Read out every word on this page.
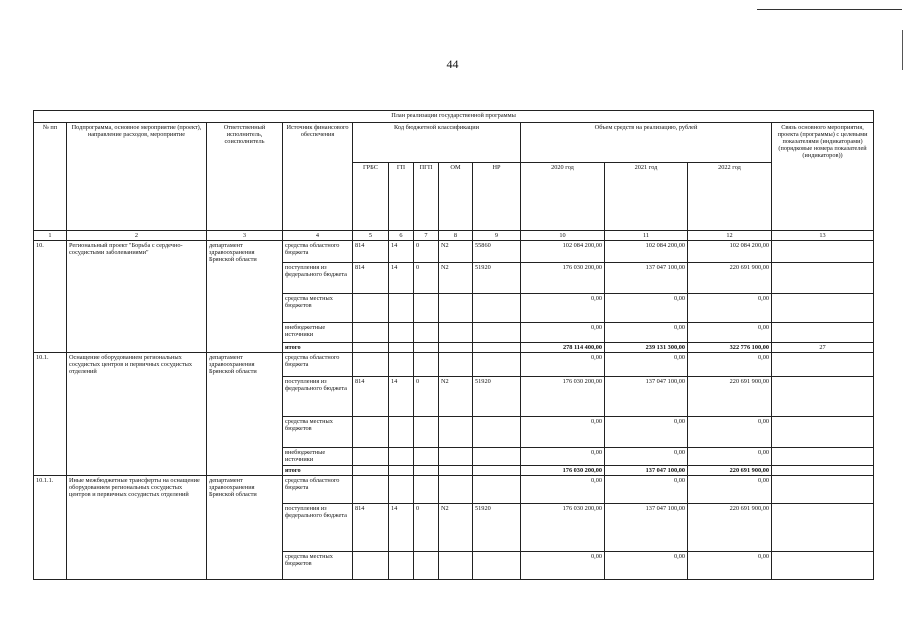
44
План реализации государственной программы												
№ пп	Подпрограмма, основное мероприятие (проект), направление расходов, мероприятие	Ответственный исполнитель, соисполнитель	Источник финансового обеспечения	Код бюджетной классификации					Объем средств на реализацию, рублей			Связь основного мероприятия, проекта (программы) с целевыми показателями (индикаторами) (порядковые номера показателей (индикаторов))
				ГРБС	ГП	ПГП	ОМ	НР	2020 год	2021 год	2022 год	
1	2	3	4	5	6	7	8	9	10	11	12	13
10.	Региональный проект "Борьба с сердечно-сосудистыми заболеваниями"	департамент здравоохранения Брянской области	средства областного бюджета	814	14	0	N2	55860	102 084 200,00	102 084 200,00	102 084 200,00	
			поступления из федерального бюджета	814	14	0	N2	51920	176 030 200,00	137 047 100,00	220 691 900,00	
			средства местных бюджетов						0,00	0,00	0,00	
			внебюджетные источники						0,00	0,00	0,00	
			итого						278 114 400,00	239 131 300,00	322 776 100,00	27
10.1.	Оснащение оборудованием региональных сосудистых центров и первичных сосудистых отделений	департамент здравоохранения Брянской области	средства областного бюджета						0,00	0,00	0,00	
			поступления из федерального бюджета	814	14	0	N2	51920	176 030 200,00	137 047 100,00	220 691 900,00	
			средства местных бюджетов						0,00	0,00	0,00	
			внебюджетные источники						0,00	0,00	0,00	
			итого						176 030 200,00	137 047 100,00	220 691 900,00	
10.1.1.	Иные межбюджетные трансферты на оснащение оборудованием региональных сосудистых центров и первичных сосудистых отделений	департамент здравоохранения Брянской области	средства областного бюджета						0,00	0,00	0,00	
			поступления из федерального бюджета	814	14	0	N2	51920	176 030 200,00	137 047 100,00	220 691 900,00	
			средства местных бюджетов						0,00	0,00	0,00	
